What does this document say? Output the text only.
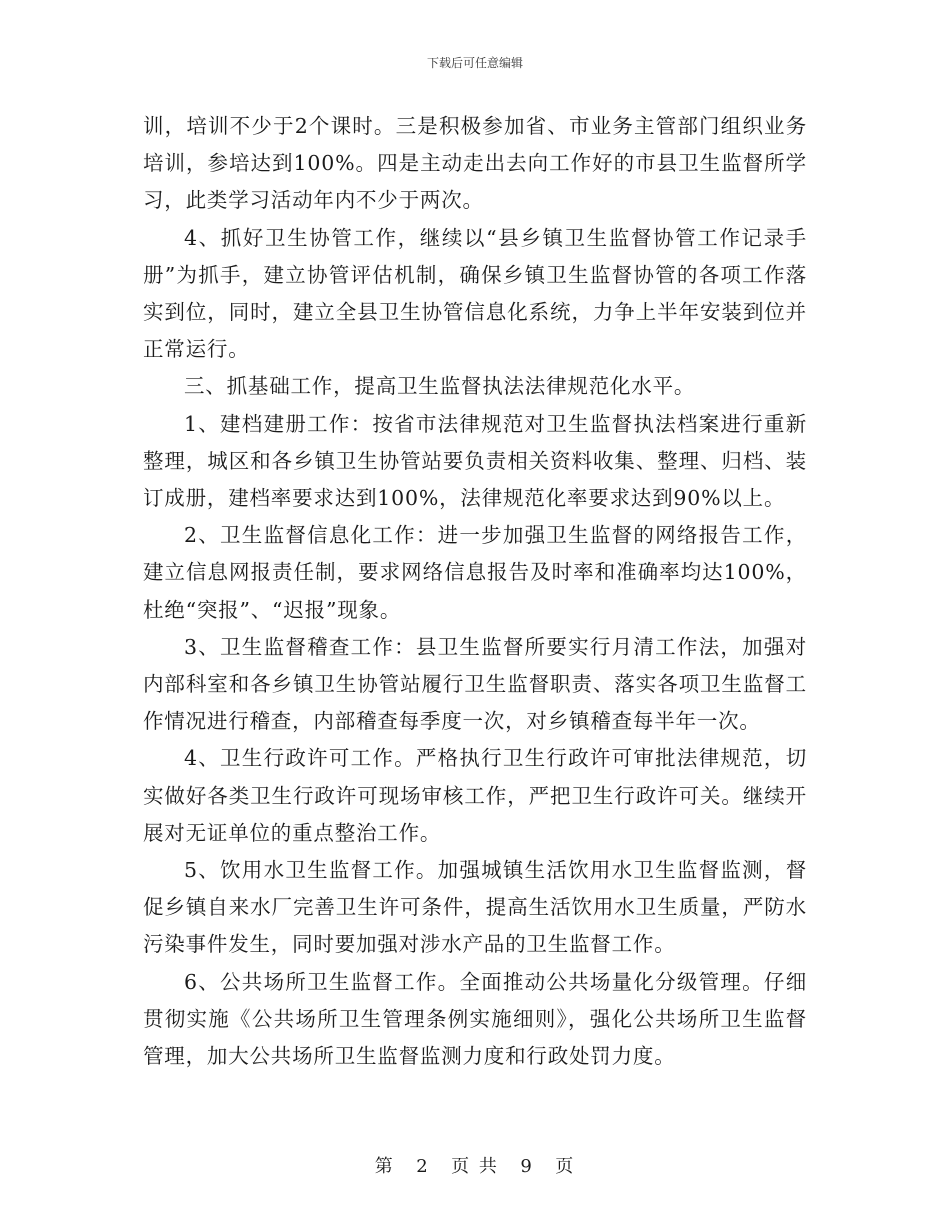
下载后可任意编辑

训，培训不少于2个课时。三是积极参加省、市业务主管部门组织业务培训，参培达到100%。四是主动走出去向工作好的市县卫生监督所学习，此类学习活动年内不少于两次。

4、抓好卫生协管工作，继续以“县乡镇卫生监督协管工作记录手册”为抓手，建立协管评估机制，确保乡镇卫生监督协管的各项工作落实到位，同时，建立全县卫生协管信息化系统，力争上半年安装到位并正常运行。

三、抓基础工作，提高卫生监督执法法律规范化水平。

1、建档建册工作：按省市法律规范对卫生监督执法档案进行重新整理，城区和各乡镇卫生协管站要负责相关资料收集、整理、归档、装订成册，建档率要求达到100%，法律规范化率要求达到90%以上。

2、卫生监督信息化工作：进一步加强卫生监督的网络报告工作，建立信息网报责任制，要求网络信息报告及时率和准确率均达100%，杜绝“突报”、“迟报”现象。

3、卫生监督稽查工作：县卫生监督所要实行月清工作法，加强对内部科室和各乡镇卫生协管站履行卫生监督职责、落实各项卫生监督工作情况进行稽查，内部稽查每季度一次，对乡镇稽查每半年一次。

4、卫生行政许可工作。严格执行卫生行政许可审批法律规范，切实做好各类卫生行政许可现场审核工作，严把卫生行政许可关。继续开展对无证单位的重点整治工作。

5、饮用水卫生监督工作。加强城镇生活饮用水卫生监督监测，督促乡镇自来水厂完善卫生许可条件，提高生活饮用水卫生质量，严防水污染事件发生，同时要加强对涉水产品的卫生监督工作。

6、公共场所卫生监督工作。全面推动公共场量化分级管理。仔细贯彻实施《公共场所卫生管理条例实施细则》，强化公共场所卫生监督管理，加大公共场所卫生监督监测力度和行政处罚力度。

第 2 页 共 9 页
